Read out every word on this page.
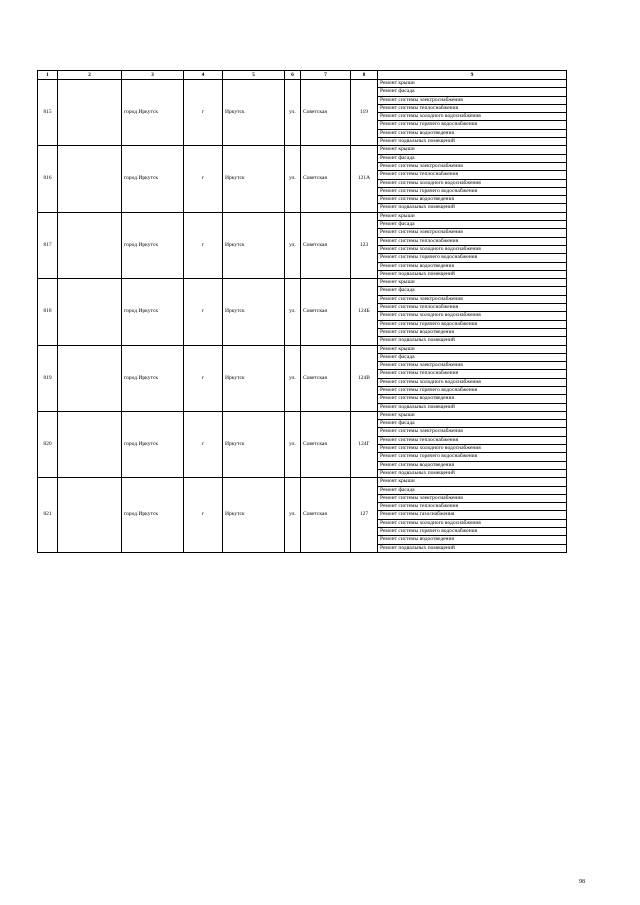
1	2	3	4	5	6	7	8	9
815		город Иркутск	г	Иркутск	ул.	Советская	119	Ремонт крыши
								Ремонт фасада
								Ремонт системы электроснабжения
								Ремонт системы теплоснабжения
								Ремонт системы холодного водоснабжения
								Ремонт системы горячего водоснабжения
								Ремонт системы водоотведения
								Ремонт подвальных помещений
816		город Иркутск	г	Иркутск	ул.	Советская	121А	Ремонт крыши
								Ремонт фасада
								Ремонт системы электроснабжения
								Ремонт системы теплоснабжения
								Ремонт системы холодного водоснабжения
								Ремонт системы горячего водоснабжения
								Ремонт системы водоотведения
								Ремонт подвальных помещений
817		город Иркутск	г	Иркутск	ул.	Советская	123	Ремонт крыши
								Ремонт фасада
								Ремонт системы электроснабжения
								Ремонт системы теплоснабжения
								Ремонт системы холодного водоснабжения
								Ремонт системы горячего водоснабжения
								Ремонт системы водоотведения
								Ремонт подвальных помещений
818		город Иркутск	г	Иркутск	ул.	Советская	124Б	Ремонт крыши
								Ремонт фасада
								Ремонт системы электроснабжения
								Ремонт системы теплоснабжения
								Ремонт системы холодного водоснабжения
								Ремонт системы горячего водоснабжения
								Ремонт системы водоотведения
								Ремонт подвальных помещений
819		город Иркутск	г	Иркутск	ул.	Советская	124В	Ремонт крыши
								Ремонт фасада
								Ремонт системы электроснабжения
								Ремонт системы теплоснабжения
								Ремонт системы холодного водоснабжения
								Ремонт системы горячего водоснабжения
								Ремонт системы водоотведения
								Ремонт подвальных помещений
820		город Иркутск	г	Иркутск	ул.	Советская	124Г	Ремонт крыши
								Ремонт фасада
								Ремонт системы электроснабжения
								Ремонт системы теплоснабжения
								Ремонт системы холодного водоснабжения
								Ремонт системы горячего водоснабжения
								Ремонт системы водоотведения
								Ремонт подвальных помещений
821		город Иркутск	г	Иркутск	ул.	Советская	127	Ремонт крыши
								Ремонт фасада
								Ремонт системы электроснабжения
								Ремонт системы теплоснабжения
								Ремонт системы газоснабжения
								Ремонт системы холодного водоснабжения
								Ремонт системы горячего водоснабжения
								Ремонт системы водоотведения
								Ремонт подвальных помещений
98
